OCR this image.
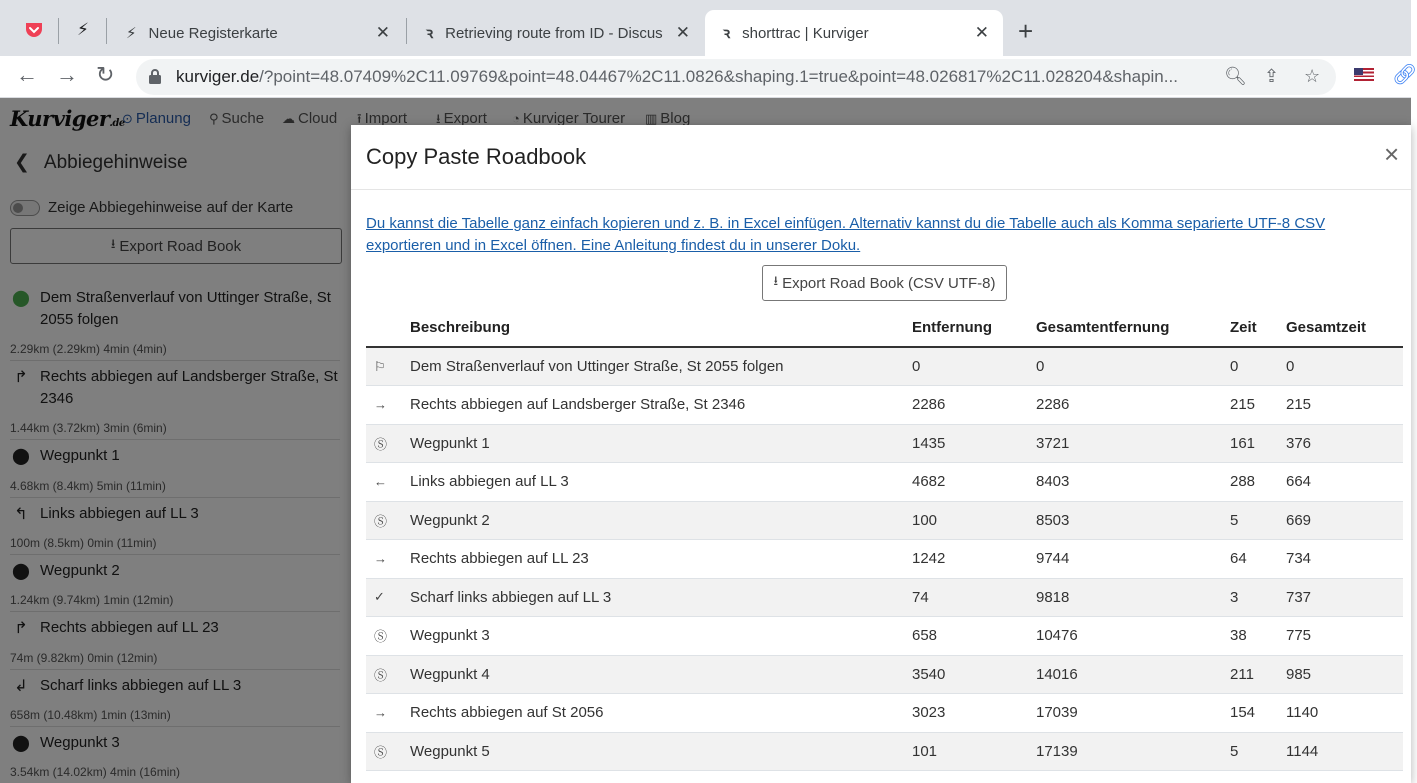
⚡	⚡ Neue Registerkarte	✕ ꝛ Retrieving route from ID - Discus ✕ ꝛ shorttrac | Kurviger	✕ +
← → ↻	kurviger.de/?point=48.07409%2C11.09769&point=48.04467%2C11.0826&shaping.1=true&point=48.026817%2C11.028204&shapin...	🔍︎ ⇪ ☆	🔗︎
Copy Paste Roadbook	×
Du kannst die Tabelle ganz einfach kopieren und z. B. in Excel einfügen. Alternativ kannst du die Tabelle auch als Komma separierte UTF-8 CSV exportieren und in Excel öffnen. Eine Anleitung findest du in unserer Doku.
⭳ Export Road Book (CSV UTF-8)
	Beschreibung	Entfernung	Gesamtentfernung	Zeit	Gesamtzeit
⚐	Dem Straßenverlauf von Uttinger Straße, St 2055 folgen	0	0	0	0
→	Rechts abbiegen auf Landsberger Straße, St 2346	2286	2286	215	215
Ⓢ	Wegpunkt 1	1435	3721	161	376
←	Links abbiegen auf LL 3	4682	8403	288	664
Ⓢ	Wegpunkt 2	100	8503	5	669
→	Rechts abbiegen auf LL 23	1242	9744	64	734
✓	Scharf links abbiegen auf LL 3	74	9818	3	737
Ⓢ	Wegpunkt 3	658	10476	38	775
Ⓢ	Wegpunkt 4	3540	14016	211	985
→	Rechts abbiegen auf St 2056	3023	17039	154	1140
Ⓢ	Wegpunkt 5	101	17139	5	1144
